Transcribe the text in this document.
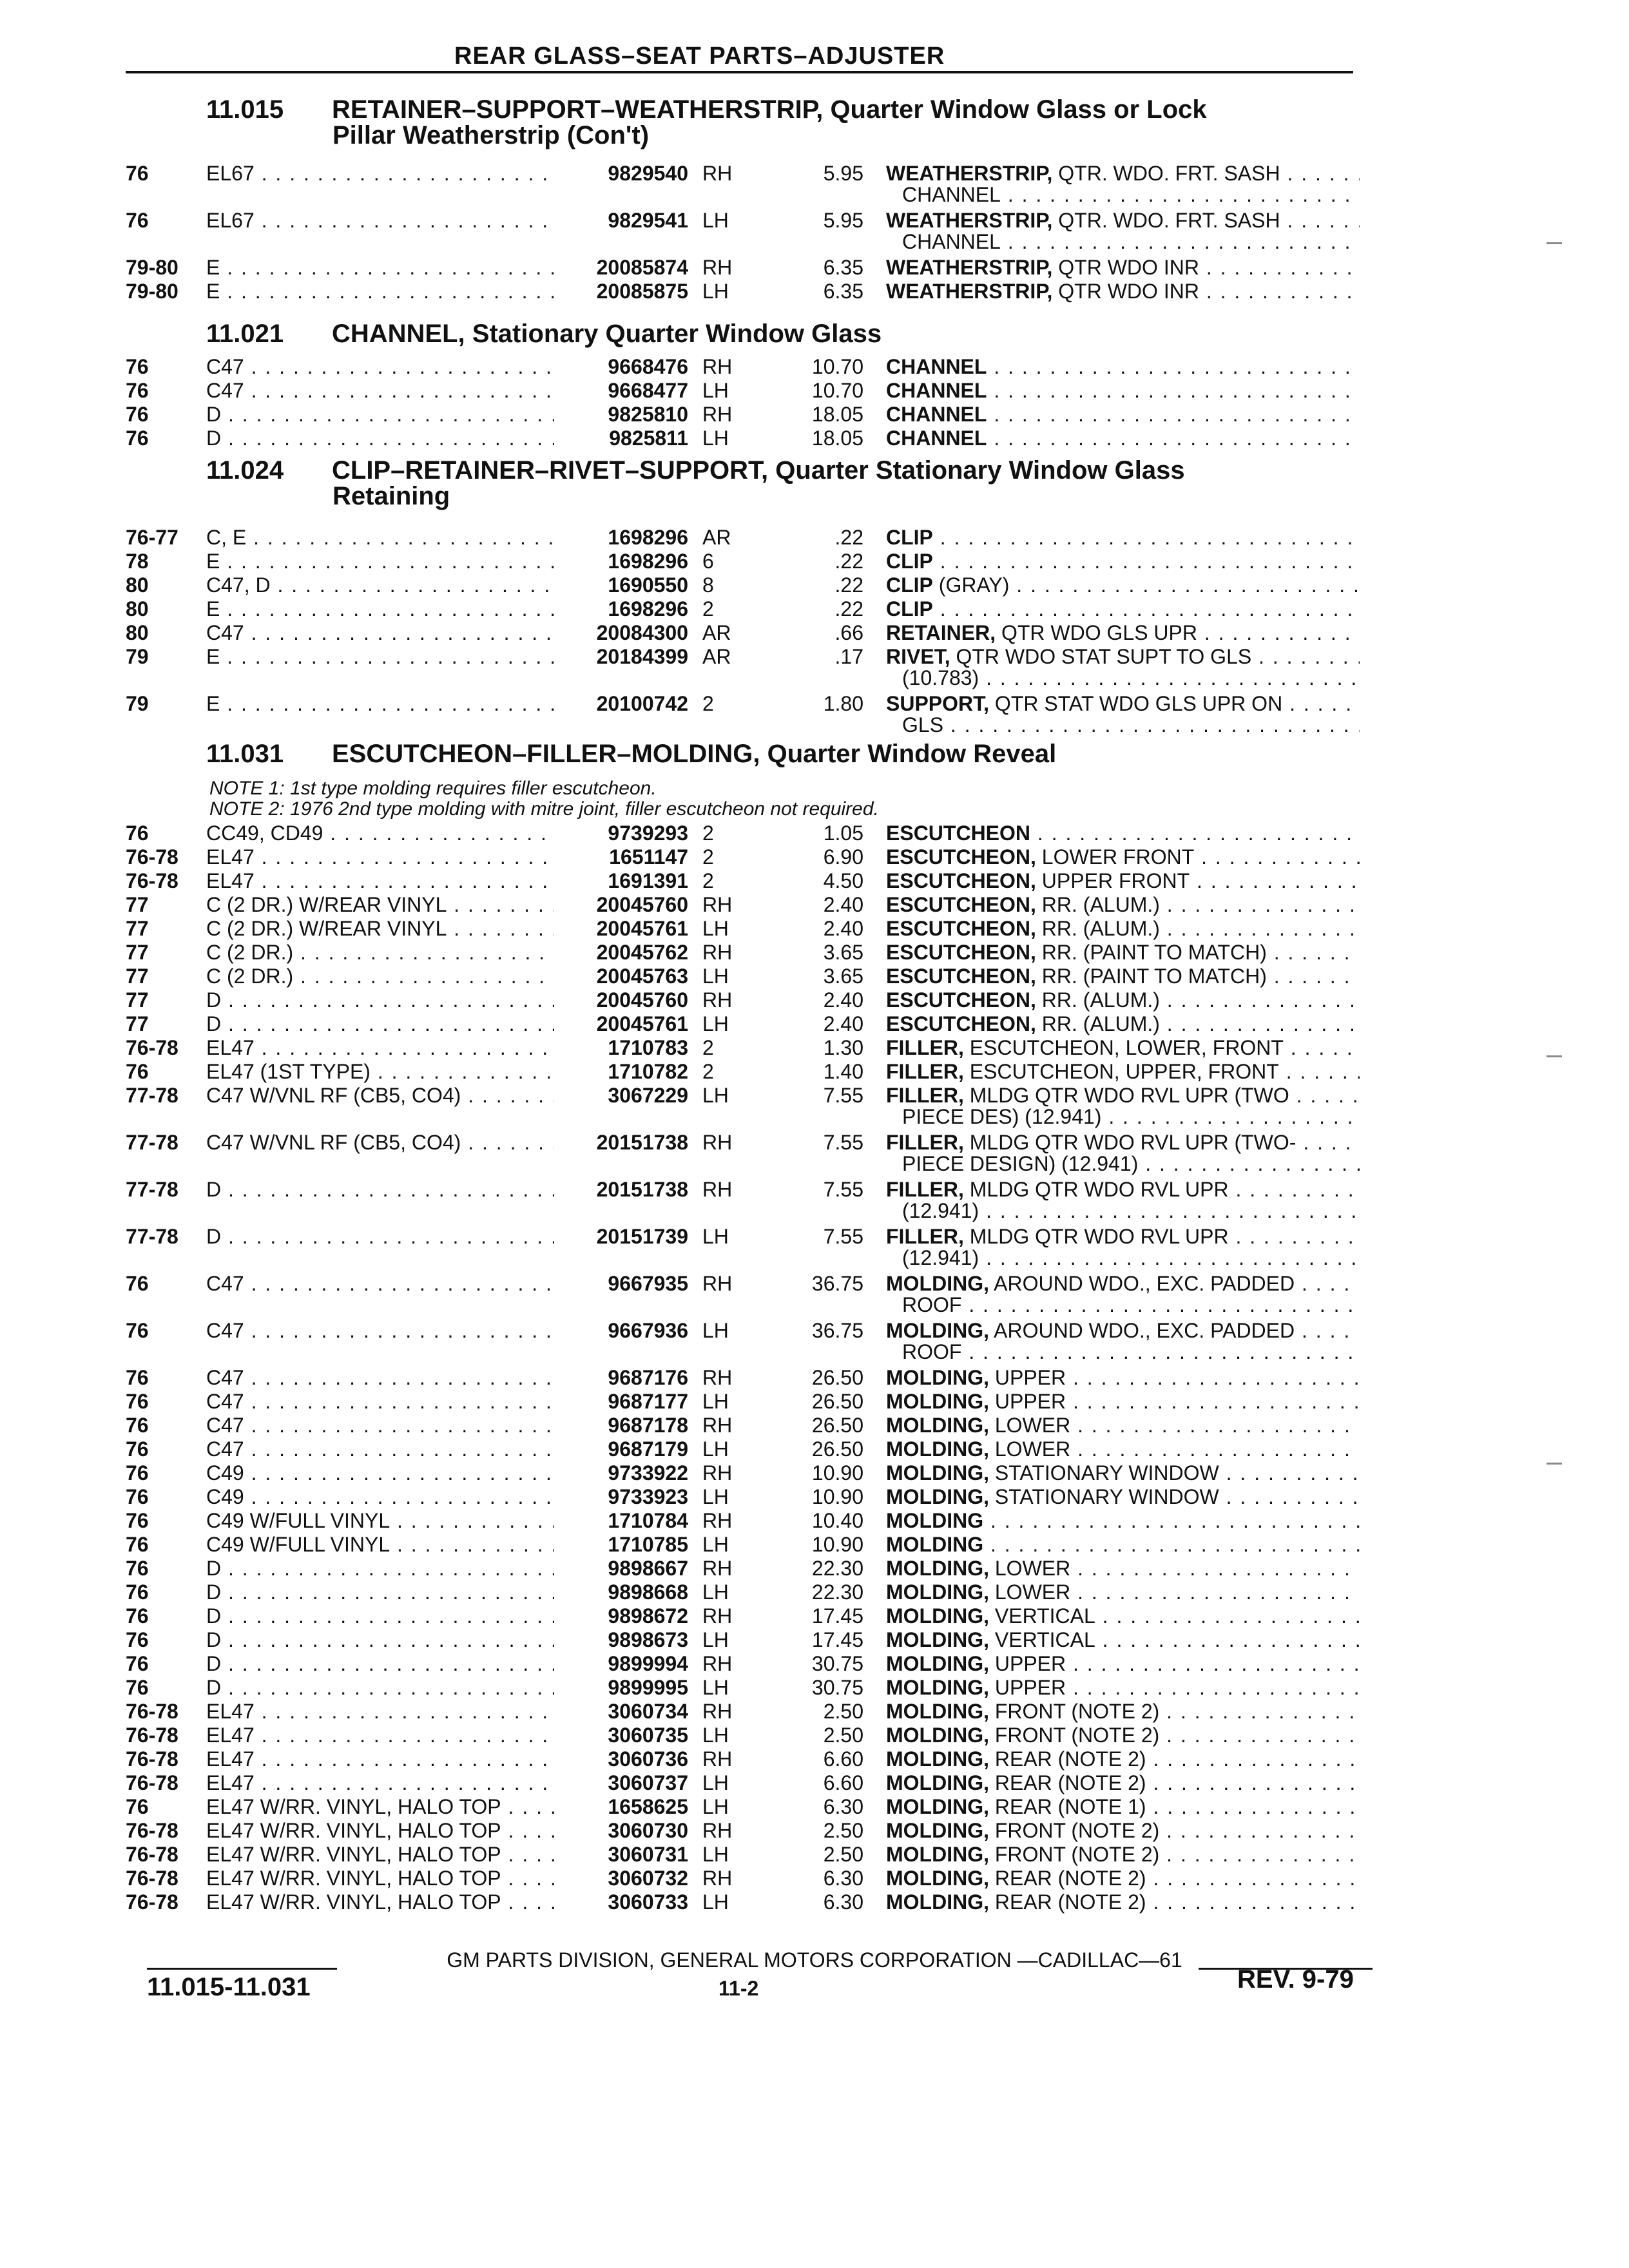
REAR GLASS–SEAT PARTS–ADJUSTER
11.015 RETAINER–SUPPORT–WEATHERSTRIP, Quarter Window Glass or Lock
Pillar Weatherstrip (Con't)
76	EL67 . . .	9829540 RH	5.95 WEATHERSTRIP, QTR. WDO. FRT. SASH . . .
CHANNEL . . .
76	EL67 . . .	9829541 LH	5.95 WEATHERSTRIP, QTR. WDO. FRT. SASH . . .
CHANNEL . . .
79-80	E . . .	20085874 RH	6.35 WEATHERSTRIP, QTR WDO INR . . .
79-80	E . . .	20085875 LH	6.35 WEATHERSTRIP, QTR WDO INR . . .
11.021 CHANNEL, Stationary Quarter Window Glass
76	C47 . . .	9668476 RH	10.70 CHANNEL . . .
76	C47 . . .	9668477 LH	10.70 CHANNEL . . .
76	D . . .	9825810 RH	18.05 CHANNEL . . .
76	D . . .	9825811 LH	18.05 CHANNEL . . .
11.024 CLIP–RETAINER–RIVET–SUPPORT, Quarter Stationary Window Glass
Retaining
76-77	C, E . . .	1698296 AR	.22 CLIP . . .
78	E . . .	1698296 6	.22 CLIP . . .
80	C47, D . . .	1690550 8	.22 CLIP (GRAY) . . .
80	E . . .	1698296 2	.22 CLIP . . .
80	C47 . . .	20084300 AR	.66 RETAINER, QTR WDO GLS UPR . . .
79	E . . .	20184399 AR	.17 RIVET, QTR WDO STAT SUPT TO GLS . . .
(10.783) . . .
79	E . . .	20100742 2	1.80 SUPPORT, QTR STAT WDO GLS UPR ON . . .
GLS . . .
11.031 ESCUTCHEON–FILLER–MOLDING, Quarter Window Reveal
NOTE 1: 1st type molding requires filler escutcheon.
NOTE 2: 1976 2nd type molding with mitre joint, filler escutcheon not required.
76	CC49, CD49 . . .	9739293 2	1.05 ESCUTCHEON . . .
76-78	EL47 . . .	1651147 2	6.90 ESCUTCHEON, LOWER FRONT . . .
76-78	EL47 . . .	1691391 2	4.50 ESCUTCHEON, UPPER FRONT . . .
77	C (2 DR.) W/REAR VINYL . . .	20045760 RH	2.40 ESCUTCHEON, RR. (ALUM.) . . .
77	C (2 DR.) W/REAR VINYL . . .	20045761 LH	2.40 ESCUTCHEON, RR. (ALUM.) . . .
77	C (2 DR.) . . .	20045762 RH	3.65 ESCUTCHEON, RR. (PAINT TO MATCH) . . .
77	C (2 DR.) . . .	20045763 LH	3.65 ESCUTCHEON, RR. (PAINT TO MATCH) . . .
77	D . . .	20045760 RH	2.40 ESCUTCHEON, RR. (ALUM.) . . .
77	D . . .	20045761 LH	2.40 ESCUTCHEON, RR. (ALUM.) . . .
76-78	EL47 . . .	1710783 2	1.30 FILLER, ESCUTCHEON, LOWER, FRONT . . .
76	EL47 (1ST TYPE) . . .	1710782 2	1.40 FILLER, ESCUTCHEON, UPPER, FRONT . . .
77-78	C47 W/VNL RF (CB5, CO4) . . .	3067229 LH	7.55 FILLER, MLDG QTR WDO RVL UPR (TWO . . .
PIECE DES) (12.941) . . .
77-78	C47 W/VNL RF (CB5, CO4) . . .	20151738 RH	7.55 FILLER, MLDG QTR WDO RVL UPR (TWO- . . .
PIECE DESIGN) (12.941) . . .
77-78	D . . .	20151738 RH	7.55 FILLER, MLDG QTR WDO RVL UPR . . .
(12.941) . . .
77-78	D . . .	20151739 LH	7.55 FILLER, MLDG QTR WDO RVL UPR . . .
(12.941) . . .
76	C47 . . .	9667935 RH	36.75 MOLDING, AROUND WDO., EXC. PADDED . . .
ROOF . . .
76	C47 . . .	9667936 LH	36.75 MOLDING, AROUND WDO., EXC. PADDED . . .
ROOF . . .
76	C47 . . .	9687176 RH	26.50 MOLDING, UPPER . . .
76	C47 . . .	9687177 LH	26.50 MOLDING, UPPER . . .
76	C47 . . .	9687178 RH	26.50 MOLDING, LOWER . . .
76	C47 . . .	9687179 LH	26.50 MOLDING, LOWER . . .
76	C49 . . .	9733922 RH	10.90 MOLDING, STATIONARY WINDOW . . .
76	C49 . . .	9733923 LH	10.90 MOLDING, STATIONARY WINDOW . . .
76	C49 W/FULL VINYL . . .	1710784 RH	10.40 MOLDING . . .
76	C49 W/FULL VINYL . . .	1710785 LH	10.90 MOLDING . . .
76	D . . .	9898667 RH	22.30 MOLDING, LOWER . . .
76	D . . .	9898668 LH	22.30 MOLDING, LOWER . . .
76	D . . .	9898672 RH	17.45 MOLDING, VERTICAL . . .
76	D . . .	9898673 LH	17.45 MOLDING, VERTICAL . . .
76	D . . .	9899994 RH	30.75 MOLDING, UPPER . . .
76	D . . .	9899995 LH	30.75 MOLDING, UPPER . . .
76-78	EL47 . . .	3060734 RH	2.50 MOLDING, FRONT (NOTE 2) . . .
76-78	EL47 . . .	3060735 LH	2.50 MOLDING, FRONT (NOTE 2) . . .
76-78	EL47 . . .	3060736 RH	6.60 MOLDING, REAR (NOTE 2) . . .
76-78	EL47 . . .	3060737 LH	6.60 MOLDING, REAR (NOTE 2) . . .
76	EL47 W/RR. VINYL, HALO TOP . . .	1658625 LH	6.30 MOLDING, REAR (NOTE 1) . . .
76-78	EL47 W/RR. VINYL, HALO TOP . . .	3060730 RH	2.50 MOLDING, FRONT (NOTE 2) . . .
76-78	EL47 W/RR. VINYL, HALO TOP . . .	3060731 LH	2.50 MOLDING, FRONT (NOTE 2) . . .
76-78	EL47 W/RR. VINYL, HALO TOP . . .	3060732 RH	6.30 MOLDING, REAR (NOTE 2) . . .
76-78	EL47 W/RR. VINYL, HALO TOP . . .	3060733 LH	6.30 MOLDING, REAR (NOTE 2) . . .
GM PARTS DIVISION, GENERAL MOTORS CORPORATION —CADILLAC—61
11.015-11.031	11-2	REV. 9-79
